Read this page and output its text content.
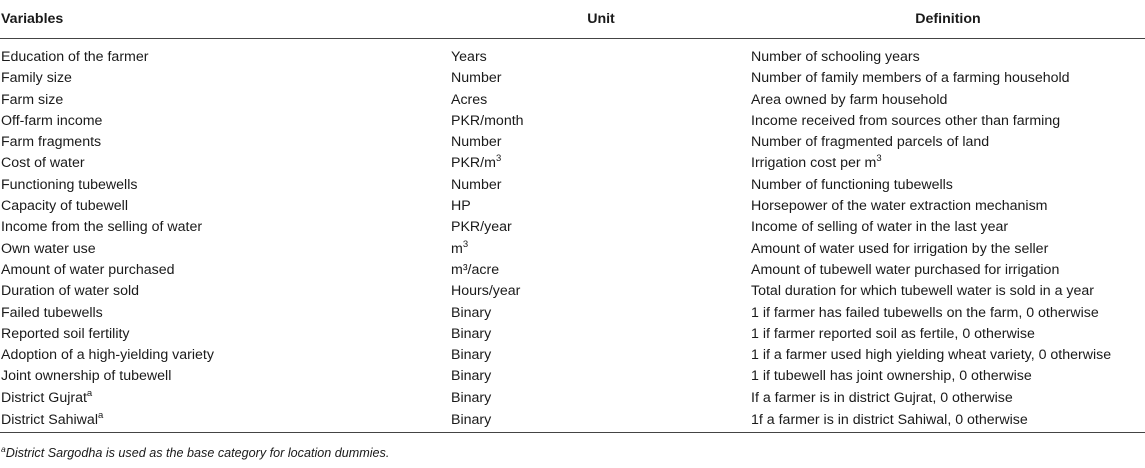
Variables	Unit	Definition

Education of the farmer	Years	Number of schooling years
Family size	Number	Number of family members of a farming household
Farm size	Acres	Area owned by farm household
Off-farm income	PKR/month	Income received from sources other than farming
Farm fragments	Number	Number of fragmented parcels of land
Cost of water	PKR/$m^3$	Irrigation cost per $m^3$
Functioning tubewells	Number	Number of functioning tubewells
Capacity of tubewell	HP	Horsepower of the water extraction mechanism
Income from the selling of water	PKR/year	Income of selling of water in the last year
Own water use	$m^3$	Amount of water used for irrigation by the seller
Amount of water purchased	m³/acre	Amount of tubewell water purchased for irrigation
Duration of water sold	Hours/year	Total duration for which tubewell water is sold in a year
Failed tubewells	Binary	1 if farmer has failed tubewells on the farm, 0 otherwise
Reported soil fertility	Binary	1 if farmer reported soil as fertile, 0 otherwise
Adoption of a high-yielding variety	Binary	1 if a farmer used high yielding wheat variety, 0 otherwise
Joint ownership of tubewell	Binary	1 if tubewell has joint ownership, 0 otherwise
District Gujrat$^a$	Binary	If a farmer is in district Gujrat, 0 otherwise
District Sahiwal$^a$	Binary	1f a farmer is in district Sahiwal, 0 otherwise
$^a$District Sargodha is used as the base category for location dummies.
